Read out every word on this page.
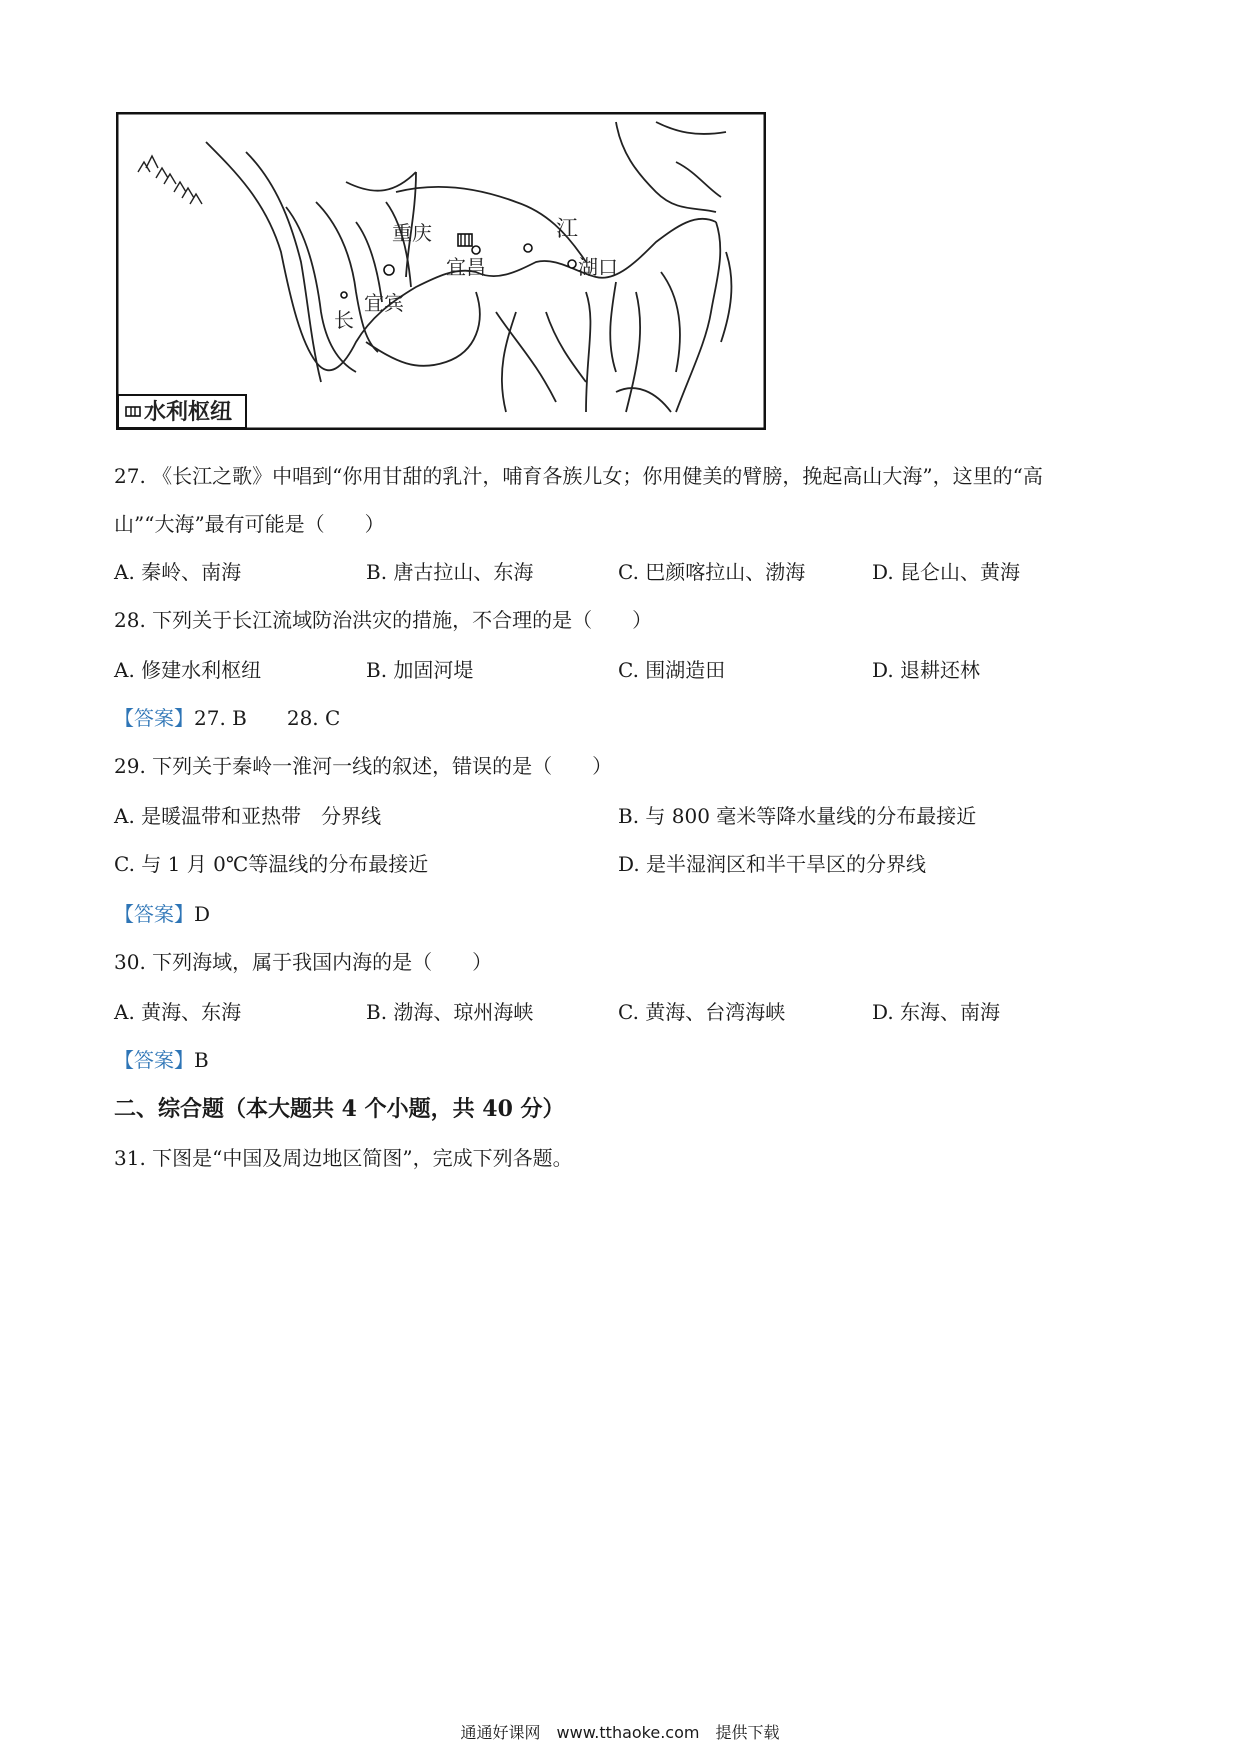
重庆
宜昌
宜宾
长
江
湖口
水利枢纽
27. 《长江之歌》中唱到“你用甘甜的乳汁，哺育各族儿女；你用健美的臂膀，挽起高山大海”，这里的“高
山”“大海”最有可能是（　　）
A. 秦岭、南海	B. 唐古拉山、东海	C. 巴颜喀拉山、渤海	D. 昆仑山、黄海
28. 下列关于长江流域防治洪灾的措施，不合理的是（　　）
A. 修建水利枢纽	B. 加固河堤	C. 围湖造田	D. 退耕还林
【答案】27. B　　28. C
29. 下列关于秦岭一淮河一线的叙述，错误的是（　　）
A. 是暖温带和亚热带　分界线	B. 与 800 毫米等降水量线的分布最接近
C. 与 1 月 0℃等温线的分布最接近	D. 是半湿润区和半干旱区的分界线
【答案】D
30. 下列海域，属于我国内海的是（　　）
A. 黄海、东海	B. 渤海、琼州海峡	C. 黄海、台湾海峡	D. 东海、南海
【答案】B
二、综合题（本大题共 4 个小题，共 40 分）
31. 下图是“中国及周边地区简图”，完成下列各题。
通通好课网　www.tthaoke.com　提供下载
